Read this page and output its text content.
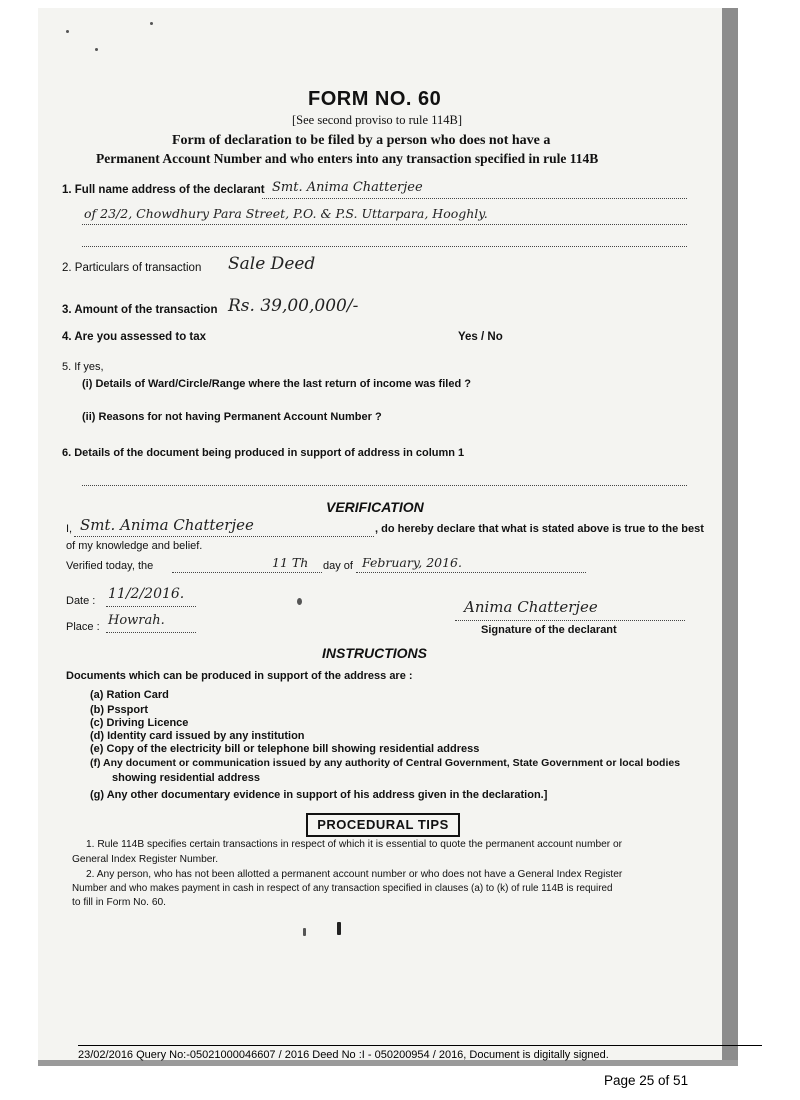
FORM NO. 60
[See second proviso to rule 114B]
Form of declaration to be filed by a person who does not have a
Permanent Account Number and who enters into any transaction specified in rule 114B
1. Full name address of the declarant Smt. Anima Chatterjee
of 23/2, Chowdhury Para Street, P.O. & P.S. Uttarpara, Hooghly.
2. Particulars of transaction Sale Deed
3. Amount of the transaction Rs. 39,00,000/-
4. Are you assessed to tax	Yes / No
5. If yes,
(i) Details of Ward/Circle/Range where the last return of income was filed ?
(ii) Reasons for not having Permanent Account Number ?
6. Details of the document being produced in support of address in column 1
VERIFICATION
I, Smt. Anima Chatterjee	, do hereby declare that what is stated above is true to the best
of my knowledge and belief.
Verified today, the	11 Th day of February, 2016.
Date : 11/2/2016.
Anima Chatterjee
Signature of the declarant
Place : Howrah.
INSTRUCTIONS
Documents which can be produced in support of the address are :
(a) Ration Card
(b) Pssport
(c) Driving Licence
(d) Identity card issued by any institution
(e) Copy of the electricity bill or telephone bill showing residential address
(f) Any document or communication issued by any authority of Central Government, State Government or local bodies
showing residential address
(g) Any other documentary evidence in support of his address given in the declaration.]
PROCEDURAL TIPS
1. Rule 114B specifies certain transactions in respect of which it is essential to quote the permanent account number or
General Index Register Number.
2. Any person, who has not been allotted a permanent account number or who does not have a General Index Register
Number and who makes payment in cash in respect of any transaction specified in clauses (a) to (k) of rule 114B is required
to fill in Form No. 60.
23/02/2016 Query No:-05021000046607 / 2016 Deed No :I - 050200954 / 2016, Document is digitally signed.
Page 25 of 51
